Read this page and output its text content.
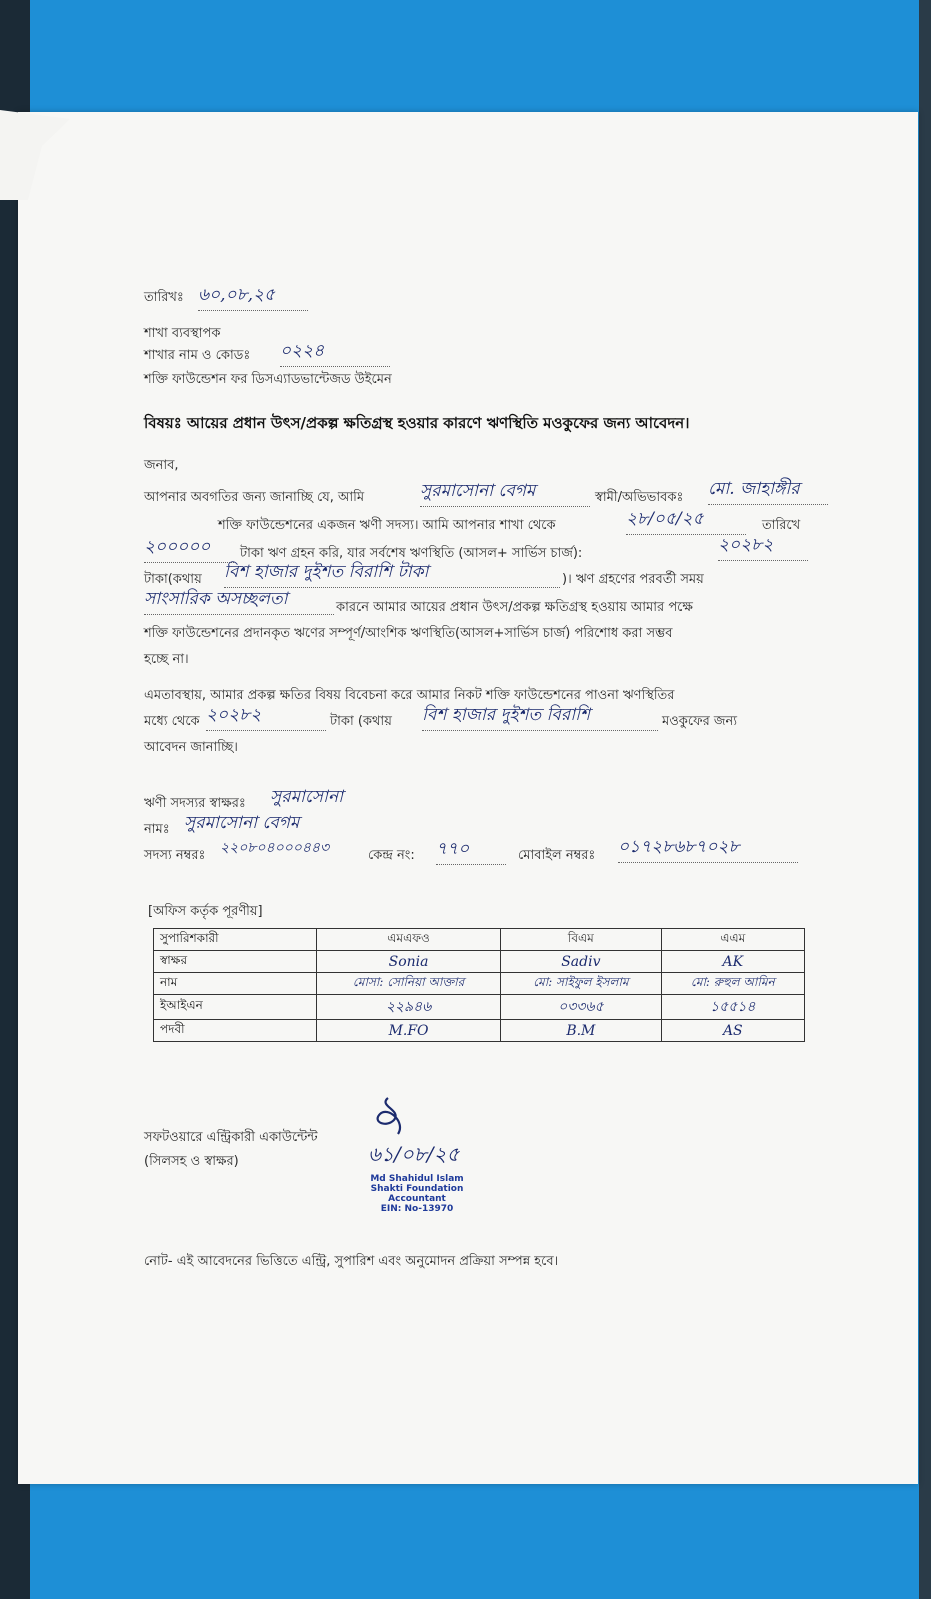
তারিখঃ ৬০,০৮,২৫
শাখা ব্যবস্থাপক
শাখার নাম ও কোডঃ ০২২৪
শক্তি ফাউন্ডেশন ফর ডিসএ্যাডভান্টেজড উইমেন
বিষয়ঃ আয়ের প্রধান উৎস/প্রকল্প ক্ষতিগ্রস্থ হওয়ার কারণে ঋণস্থিতি মওকুফের জন্য আবেদন।
জনাব,
আপনার অবগতির জন্য জানাচ্ছি যে, আমি	সুরমাসোনা বেগম	স্বামী/অভিভাবকঃ মো. জাহাঙ্গীর
শক্তি ফাউন্ডেশনের একজন ঋণী সদস্য। আমি আপনার শাখা থেকে	২৮/০৫/২৫	তারিখে
২০০০০০	টাকা ঋণ গ্রহন করি, যার সর্বশেষ ঋণস্থিতি (আসল+ সার্ভিস চার্জ):	২০২৮২
টাকা(কথায় বিশ হাজার দুইশত বিরাশি টাকা	)। ঋণ গ্রহণের পরবর্তী সময়
সাংসারিক অসচ্ছলতা	কারনে আমার আয়ের প্রধান উৎস/প্রকল্প ক্ষতিগ্রস্থ হওয়ায় আমার পক্ষে
শক্তি ফাউন্ডেশনের প্রদানকৃত ঋণের সম্পূর্ণ/আংশিক ঋণস্থিতি(আসল+সার্ভিস চার্জ) পরিশোধ করা সম্ভব
হচ্ছে না।
এমতাবস্থায়, আমার প্রকল্প ক্ষতির বিষয় বিবেচনা করে আমার নিকট শক্তি ফাউন্ডেশনের পাওনা ঋণস্থিতির
মধ্যে থেকে ২০২৮২	টাকা (কথায় বিশ হাজার দুইশত বিরাশি	মওকুফের জন্য
আবেদন জানাচ্ছি।
ঋণী সদস্যর স্বাক্ষরঃ সুরমাসোনা
নামঃ সুরমাসোনা বেগম
সদস্য নম্বরঃ ২২০৮০৪০০০৪৪৩	কেন্দ্র নং: ৭৭০	মোবাইল নম্বরঃ ০১৭২৮৬৮৭০২৮
[অফিস কর্তৃক পূরণীয়]
সুপারিশকারী	এমএফও	বিএম	এএম
স্বাক্ষর	Sonia	Sadiv	AK
নাম	মোসা: সোনিয়া আক্তার	মো: সাইফুল ইসলাম	মো: রুহুল আমিন
ইআইএন	২২৯৪৬	০৩৩৬৫	১৫৫১৪
পদবী	M.FO	B.M	AS
সফটওয়ারে এন্ট্রিকারী একাউন্টেন্ট
(সিলসহ ও স্বাক্ষর)	৬১/০৮/২৫
Md Shahidul Islam
Shakti Foundation
Accountant
EIN: No-13970
নোট- এই আবেদনের ভিত্তিতে এন্ট্রি, সুপারিশ এবং অনুমোদন প্রক্রিয়া সম্পন্ন হবে।
